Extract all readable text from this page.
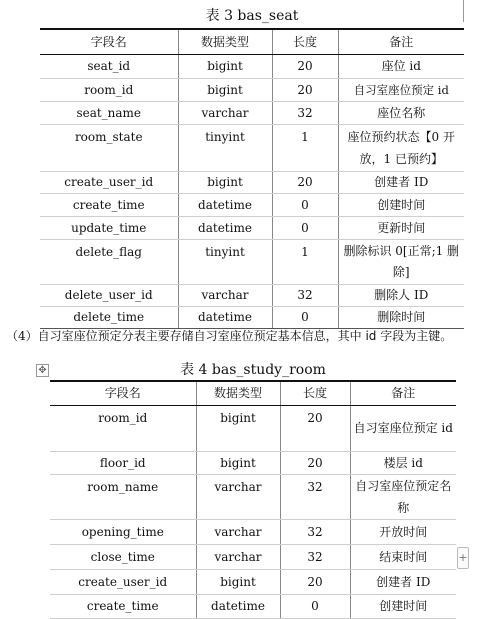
表 3 bas_seat
字段名	数据类型	长度	备注
seat_id	bigint	20	座位 id
room_id	bigint	20	自习室座位预定 id
seat_name	varchar	32	座位名称
room_state	tinyint	1	座位预约状态【0 开放，1 已预约】
create_user_id	bigint	20	创建者 ID
create_time	datetime	0	创建时间
update_time	datetime	0	更新时间
delete_flag	tinyint	1	删除标识 0[正常;1 删除]
delete_user_id	varchar	32	删除人 ID
delete_time	datetime	0	删除时间
（4）自习室座位预定分表主要存储自习室座位预定基本信息，其中 id 字段为主键。
✥	表 4 bas_study_room
字段名	数据类型	长度	备注
room_id	bigint	20	自习室座位预定 id
floor_id	bigint	20	楼层 id
room_name	varchar	32	自习室座位预定名称
opening_time	varchar	32	开放时间
close_time	varchar	32	结束时间
create_user_id	bigint	20	创建者 ID
create_time	datetime	0	创建时间
+
